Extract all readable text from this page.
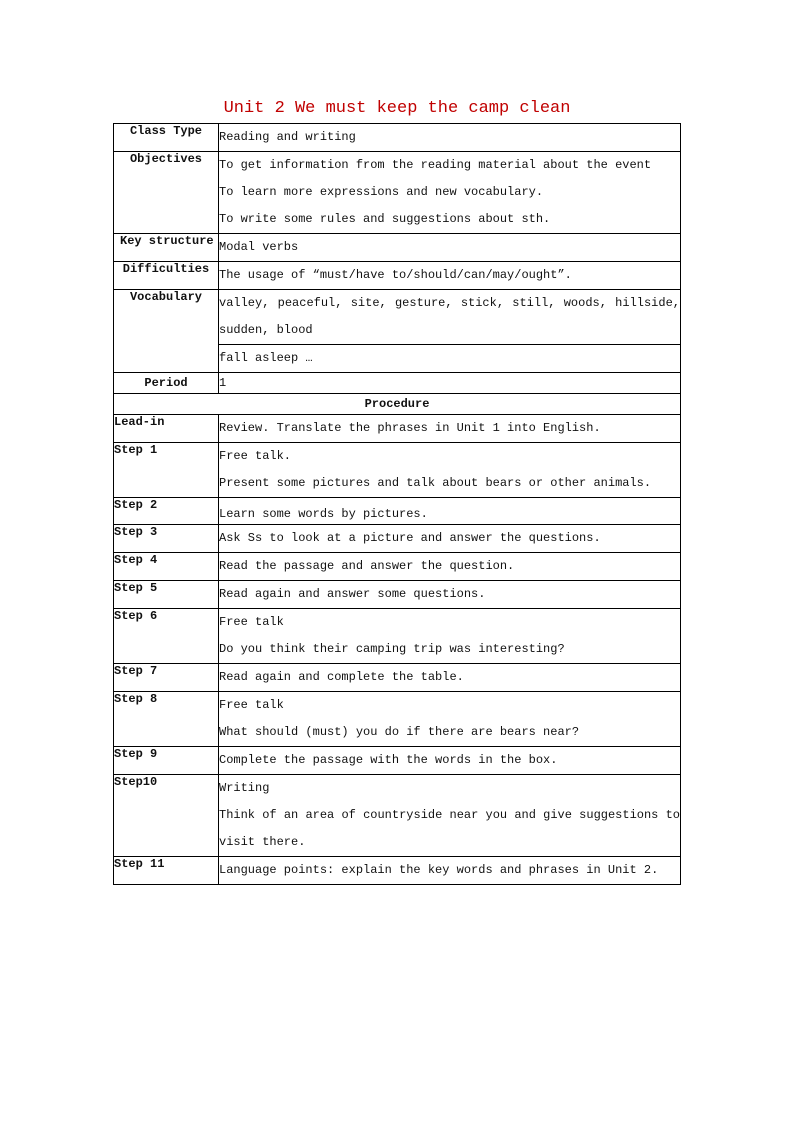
Unit 2 We must keep the camp clean
Class Type	Reading and writing

Objectives	To get information from the reading material about the event
To learn more expressions and new vocabulary.
To write some rules and suggestions about sth.

Key structure	Modal verbs

Difficulties	The usage of “must/have to/should/can/may/ought”.

Vocabulary	valley, peaceful, site, gesture, stick, still, woods, hillside,
sudden, blood

	fall asleep …

Period	1
Procedure	
Lead-in	Review. Translate the phrases in Unit 1 into English.

Step 1	Free talk.
Present some pictures and talk about bears or other animals.

Step 2	Learn some words by pictures.

Step 3	Ask Ss to look at a picture and answer the questions.

Step 4	Read the passage and answer the question.

Step 5	Read again and answer some questions.

Step 6	Free talk
Do you think their camping trip was interesting?

Step 7	Read again and complete the table.

Step 8	Free talk
What should (must) you do if there are bears near?

Step 9	Complete the passage with the words in the box.

Step10	Writing
Think of an area of countryside near you and give suggestions to
visit there.

Step 11	Language points: explain the key words and phrases in Unit 2.
